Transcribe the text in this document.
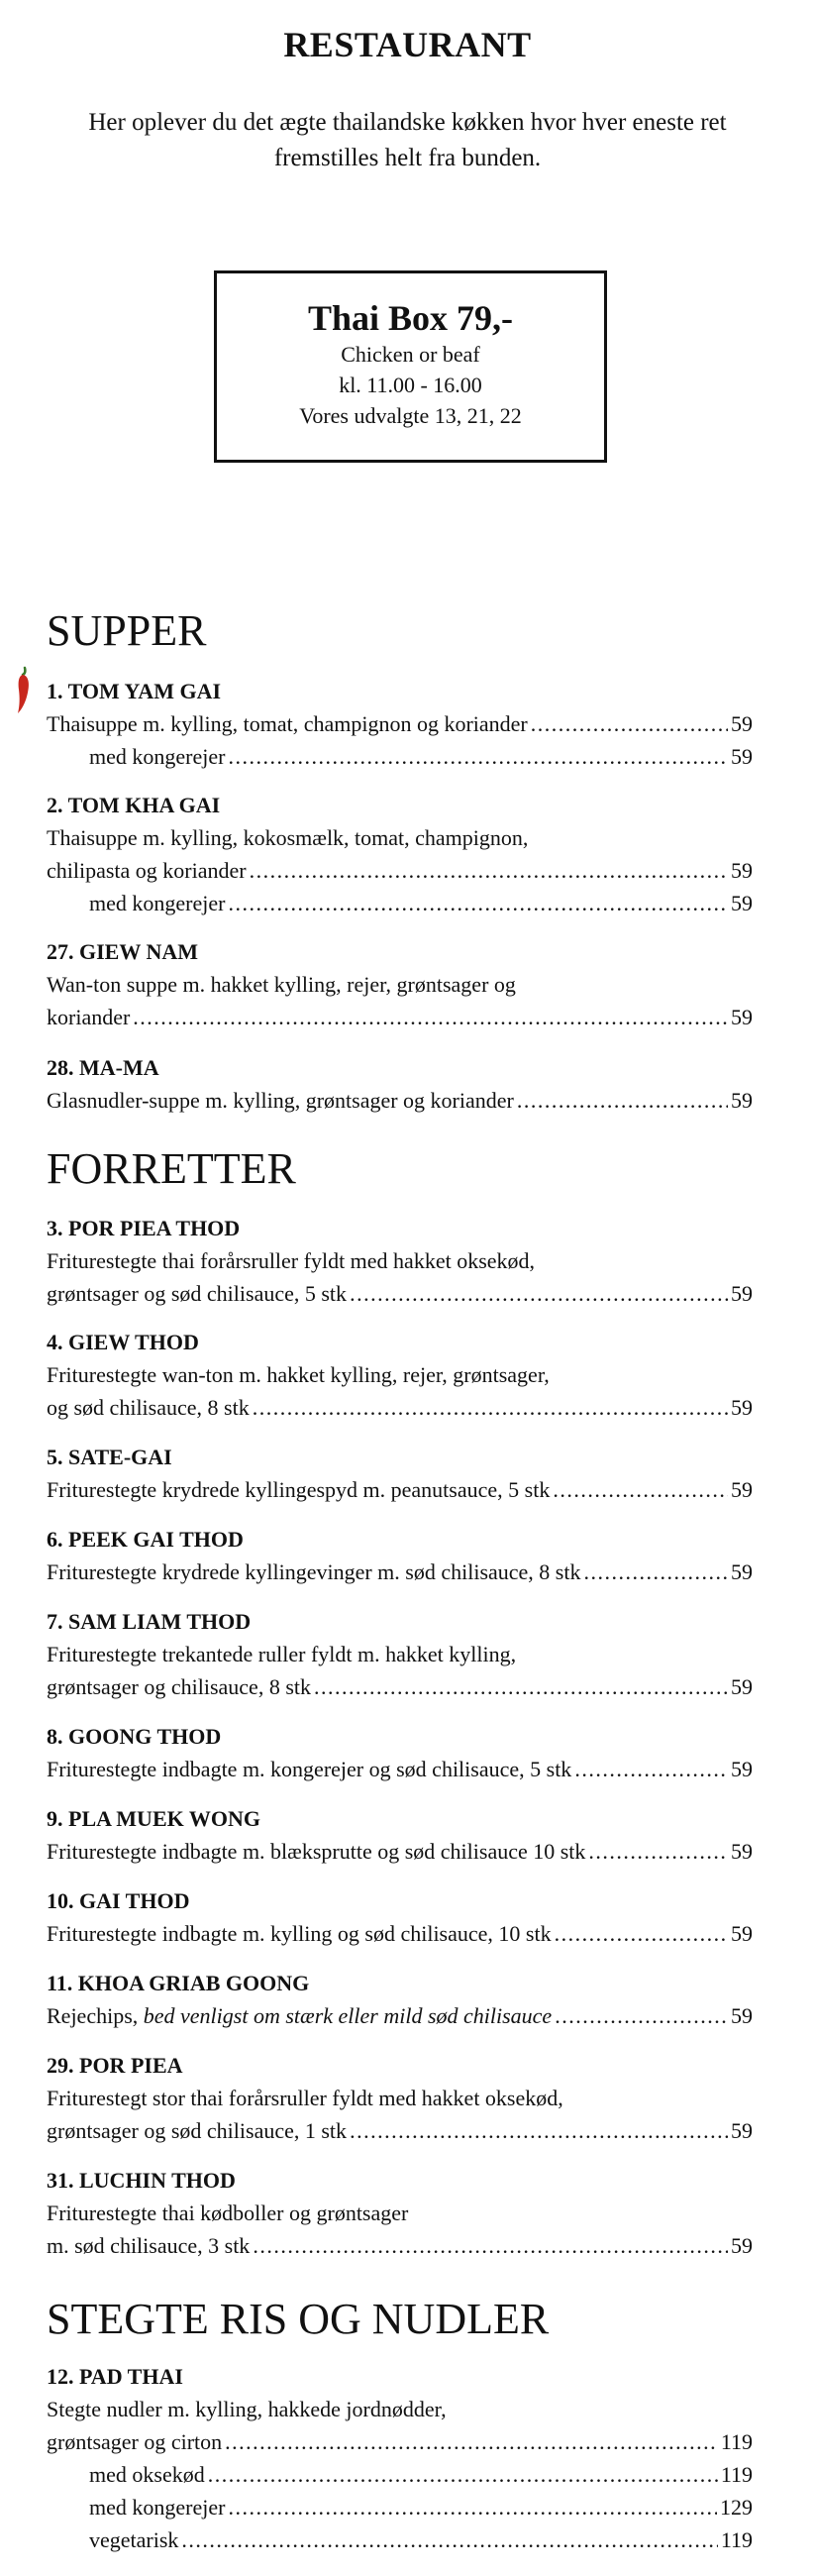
RESTAURANT

Her oplever du det ægte thailandske køkken hvor hver eneste ret fremstilles helt fra bunden.

Thai Box 79,-
Chicken or beaf
kl. 11.00 - 16.00
Vores udvalgte 13, 21, 22
SUPPER
1. TOM YAM GAI
Thaisuppe m. kylling, tomat, champignon og koriander . . .	59
med kongerejer . . .	59
2. TOM KHA GAI
Thaisuppe m. kylling, kokosmælk, tomat, champignon,
chilipasta og koriander . . .	59
med kongerejer . . .	59
27. GIEW NAM
Wan-ton suppe m. hakket kylling, rejer, grøntsager og
koriander . . .	59
28. MA-MA
Glasnudler-suppe m. kylling, grøntsager og koriander . . .	59
FORRETTER
3. POR PIEA THOD
Friturestegte thai forårsruller fyldt med hakket oksekød,
grøntsager og sød chilisauce, 5 stk . . .	59
4. GIEW THOD
Friturestegte wan-ton m. hakket kylling, rejer, grøntsager,
og sød chilisauce, 8 stk . . .	59
5. SATE-GAI
Friturestegte krydrede kyllingespyd m. peanutsauce, 5 stk . . .	59
6. PEEK GAI THOD
Friturestegte krydrede kyllingevinger m. sød chilisauce, 8 stk . . .	59
7. SAM LIAM THOD
Friturestegte trekantede ruller fyldt m. hakket kylling,
grøntsager og chilisauce, 8 stk . . .	59
8. GOONG THOD
Friturestegte indbagte m. kongerejer og sød chilisauce, 5 stk . . .	59
9. PLA MUEK WONG
Friturestegte indbagte m. blæksprutte og sød chilisauce 10 stk . . .	59
10. GAI THOD
Friturestegte indbagte m. kylling og sød chilisauce, 10 stk . . .	59
11. KHOA GRIAB GOONG
Rejechips, bed venligst om stærk eller mild sød chilisauce . . .	59
29. POR PIEA
Friturestegt stor thai forårsruller fyldt med hakket oksekød,
grøntsager og sød chilisauce, 1 stk . . .	59
31. LUCHIN THOD
Friturestegte thai kødboller og grøntsager
m. sød chilisauce, 3 stk . . .	59
STEGTE RIS OG NUDLER
12. PAD THAI
Stegte nudler m. kylling, hakkede jordnødder,
grøntsager og cirton . . .	119
med oksekød . . .	119
med kongerejer . . .	129
vegetarisk . . .	119
